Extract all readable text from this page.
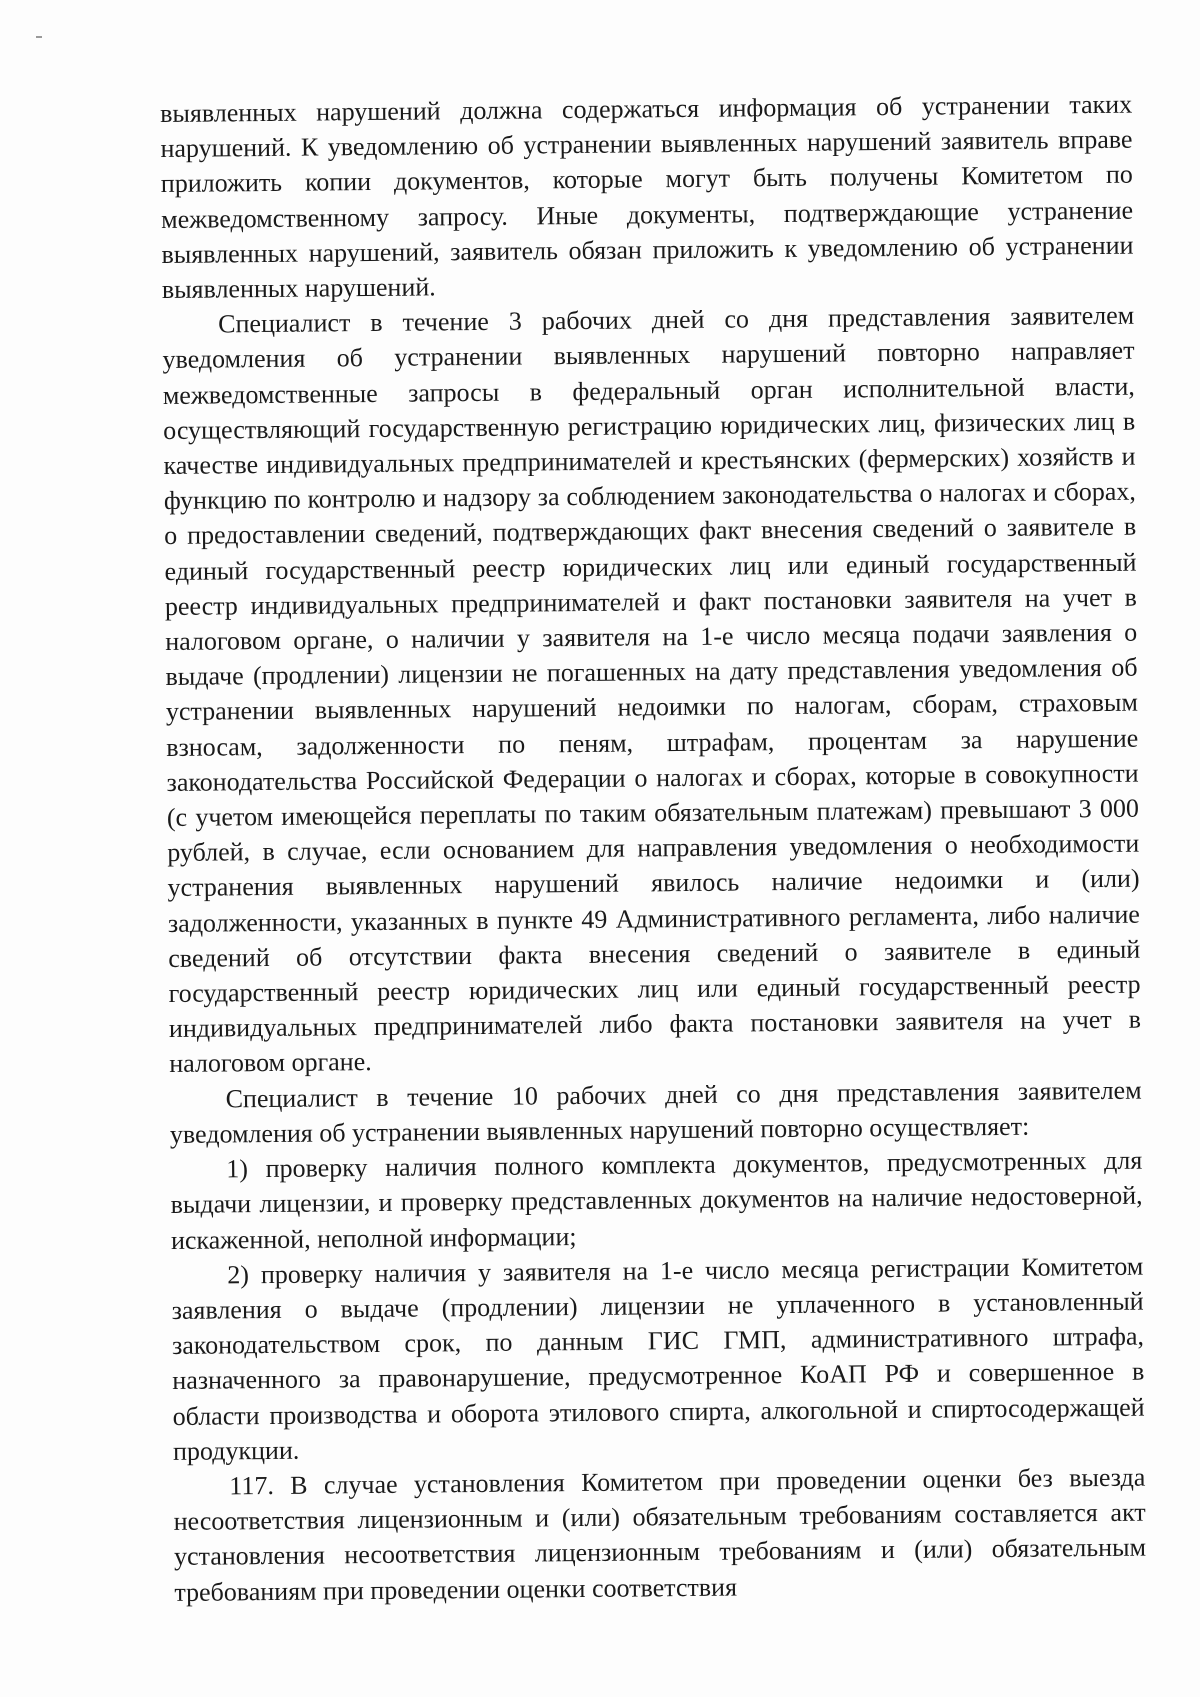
выявленных нарушений должна содержаться информация об устранении таких нарушений. К уведомлению об устранении выявленных нарушений заявитель вправе приложить копии документов, которые могут быть получены Комитетом по межведомственному запросу. Иные документы, подтверждающие устранение выявленных нарушений, заявитель обязан приложить к уведомлению об устранении выявленных нарушений.

Специалист в течение 3 рабочих дней со дня представления заявителем уведомления об устранении выявленных нарушений повторно направляет межведомственные запросы в федеральный орган исполнительной власти, осуществляющий государственную регистрацию юридических лиц, физических лиц в качестве индивидуальных предпринимателей и крестьянских (фермерских) хозяйств и функцию по контролю и надзору за соблюдением законодательства о налогах и сборах, о предоставлении сведений, подтверждающих факт внесения сведений о заявителе в единый государственный реестр юридических лиц или единый государственный реестр индивидуальных предпринимателей и факт постановки заявителя на учет в налоговом органе, о наличии у заявителя на 1-е число месяца подачи заявления о выдаче (продлении) лицензии не погашенных на дату представления уведомления об устранении выявленных нарушений недоимки по налогам, сборам, страховым взносам, задолженности по пеням, штрафам, процентам за нарушение законодательства Российской Федерации о налогах и сборах, которые в совокупности (с учетом имеющейся переплаты по таким обязательным платежам) превышают 3 000 рублей, в случае, если основанием для направления уведомления о необходимости устранения выявленных нарушений явилось наличие недоимки и (или) задолженности, указанных в пункте 49 Административного регламента, либо наличие сведений об отсутствии факта внесения сведений о заявителе в единый государственный реестр юридических лиц или единый государственный реестр индивидуальных предпринимателей либо факта постановки заявителя на учет в налоговом органе.

Специалист в течение 10 рабочих дней со дня представления заявителем уведомления об устранении выявленных нарушений повторно осуществляет:

1) проверку наличия полного комплекта документов, предусмотренных для выдачи лицензии, и проверку представленных документов на наличие недостоверной, искаженной, неполной информации;

2) проверку наличия у заявителя на 1-е число месяца регистрации Комитетом заявления о выдаче (продлении) лицензии не уплаченного в установленный законодательством срок, по данным ГИС ГМП, административного штрафа, назначенного за правонарушение, предусмотренное КоАП РФ и совершенное в области производства и оборота этилового спирта, алкогольной и спиртосодержащей продукции.

117. В случае установления Комитетом при проведении оценки без выезда несоответствия лицензионным и (или) обязательным требованиям составляется акт установления несоответствия лицензионным требованиям и (или) обязательным требованиям при проведении оценки соответствия
